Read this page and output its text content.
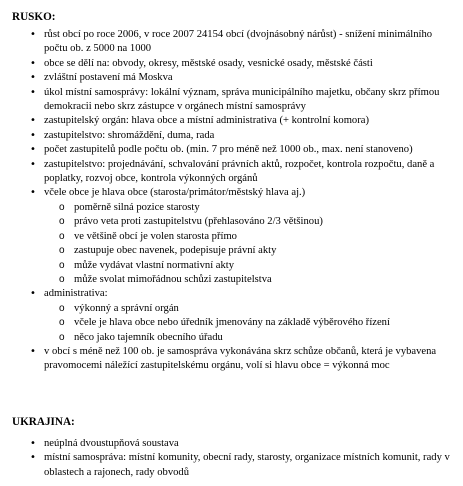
RUSKO:
• růst obcí po roce 2006, v roce 2007 24154 obcí (dvojnásobný nárůst) - snížení minimálního počtu ob. z 5000 na 1000
• obce se dělí na: obvody, okresy, městské osady, vesnické osady, městské části
• zvláštní postavení má Moskva
• úkol místní samosprávy: lokální význam, správa municipálního majetku, občany skrz přímou demokracii nebo skrz zástupce v orgánech místní samosprávy
• zastupitelský orgán: hlava obce a místní administrativa (+ kontrolní komora)
• zastupitelstvo: shromáždění, duma, rada
• počet zastupitelů podle počtu ob. (min. 7 pro méně než 1000 ob., max. není stanoveno)
• zastupitelstvo: projednávání, schvalování právních aktů, rozpočet, kontrola rozpočtu, daně a poplatky, rozvoj obce, kontrola výkonných orgánů
• včele obce je hlava obce (starosta/primátor/městský hlava aj.)
o poměrně silná pozice starosty
o právo veta proti zastupitelstvu (přehlasováno 2/3 většinou)
o ve většině obcí je volen starosta přímo
o zastupuje obec navenek, podepisuje právní akty
o může vydávat vlastní normativní akty
o může svolat mimořádnou schůzi zastupitelstva
• administrativa:
o výkonný a správní orgán
o včele je hlava obce nebo úředník jmenovány na základě výběrového řízení
o něco jako tajemník obecního úřadu
• v obcí s méně než 100 ob. je samospráva vykonávána skrz schůze občanů, která je vybavena pravomocemi náležící zastupitelskému orgánu, volí si hlavu obce = výkonná moc
UKRAJINA:
• neúplná dvoustupňová soustava
• místní samospráva: místní komunity, obecní rady, starosty, organizace místních komunit, rady v oblastech a rajonech, rady obvodů
